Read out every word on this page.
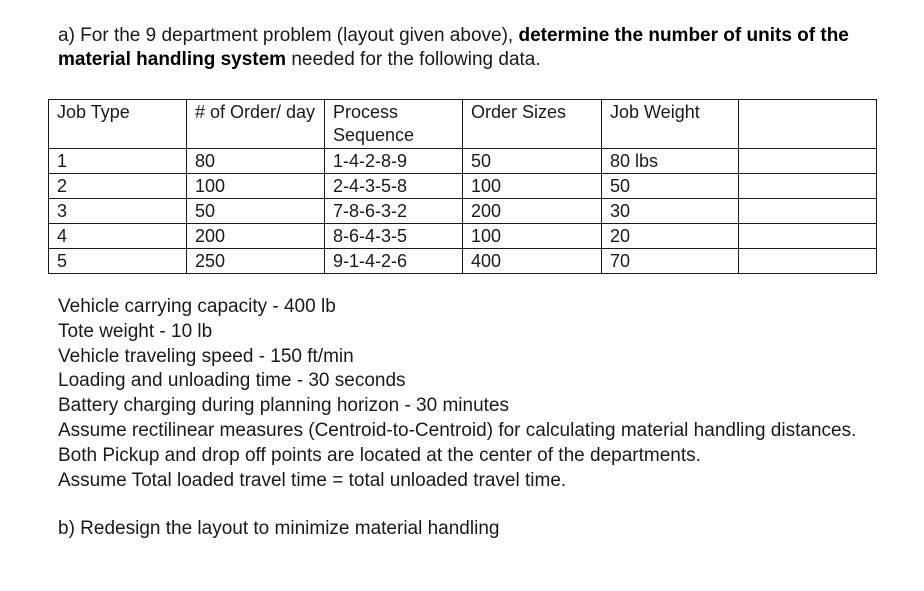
a) For the 9 department problem (layout given above), determine the number of units of the material handling system needed for the following data.
Job Type	# of Order/ day	Process Sequence	Order Sizes	Job Weight	
1	80	1-4-2-8-9	50	80 lbs	
2	100	2-4-3-5-8	100	50	
3	50	7-8-6-3-2	200	30	
4	200	8-6-4-3-5	100	20	
5	250	9-1-4-2-6	400	70	
Vehicle carrying capacity - 400 lb
Tote weight - 10 lb
Vehicle traveling speed - 150 ft/min
Loading and unloading time - 30 seconds
Battery charging during planning horizon - 30 minutes
Assume rectilinear measures (Centroid-to-Centroid) for calculating material handling distances. Both Pickup and drop off points are located at the center of the departments.
Assume Total loaded travel time = total unloaded travel time.
b) Redesign the layout to minimize material handling
